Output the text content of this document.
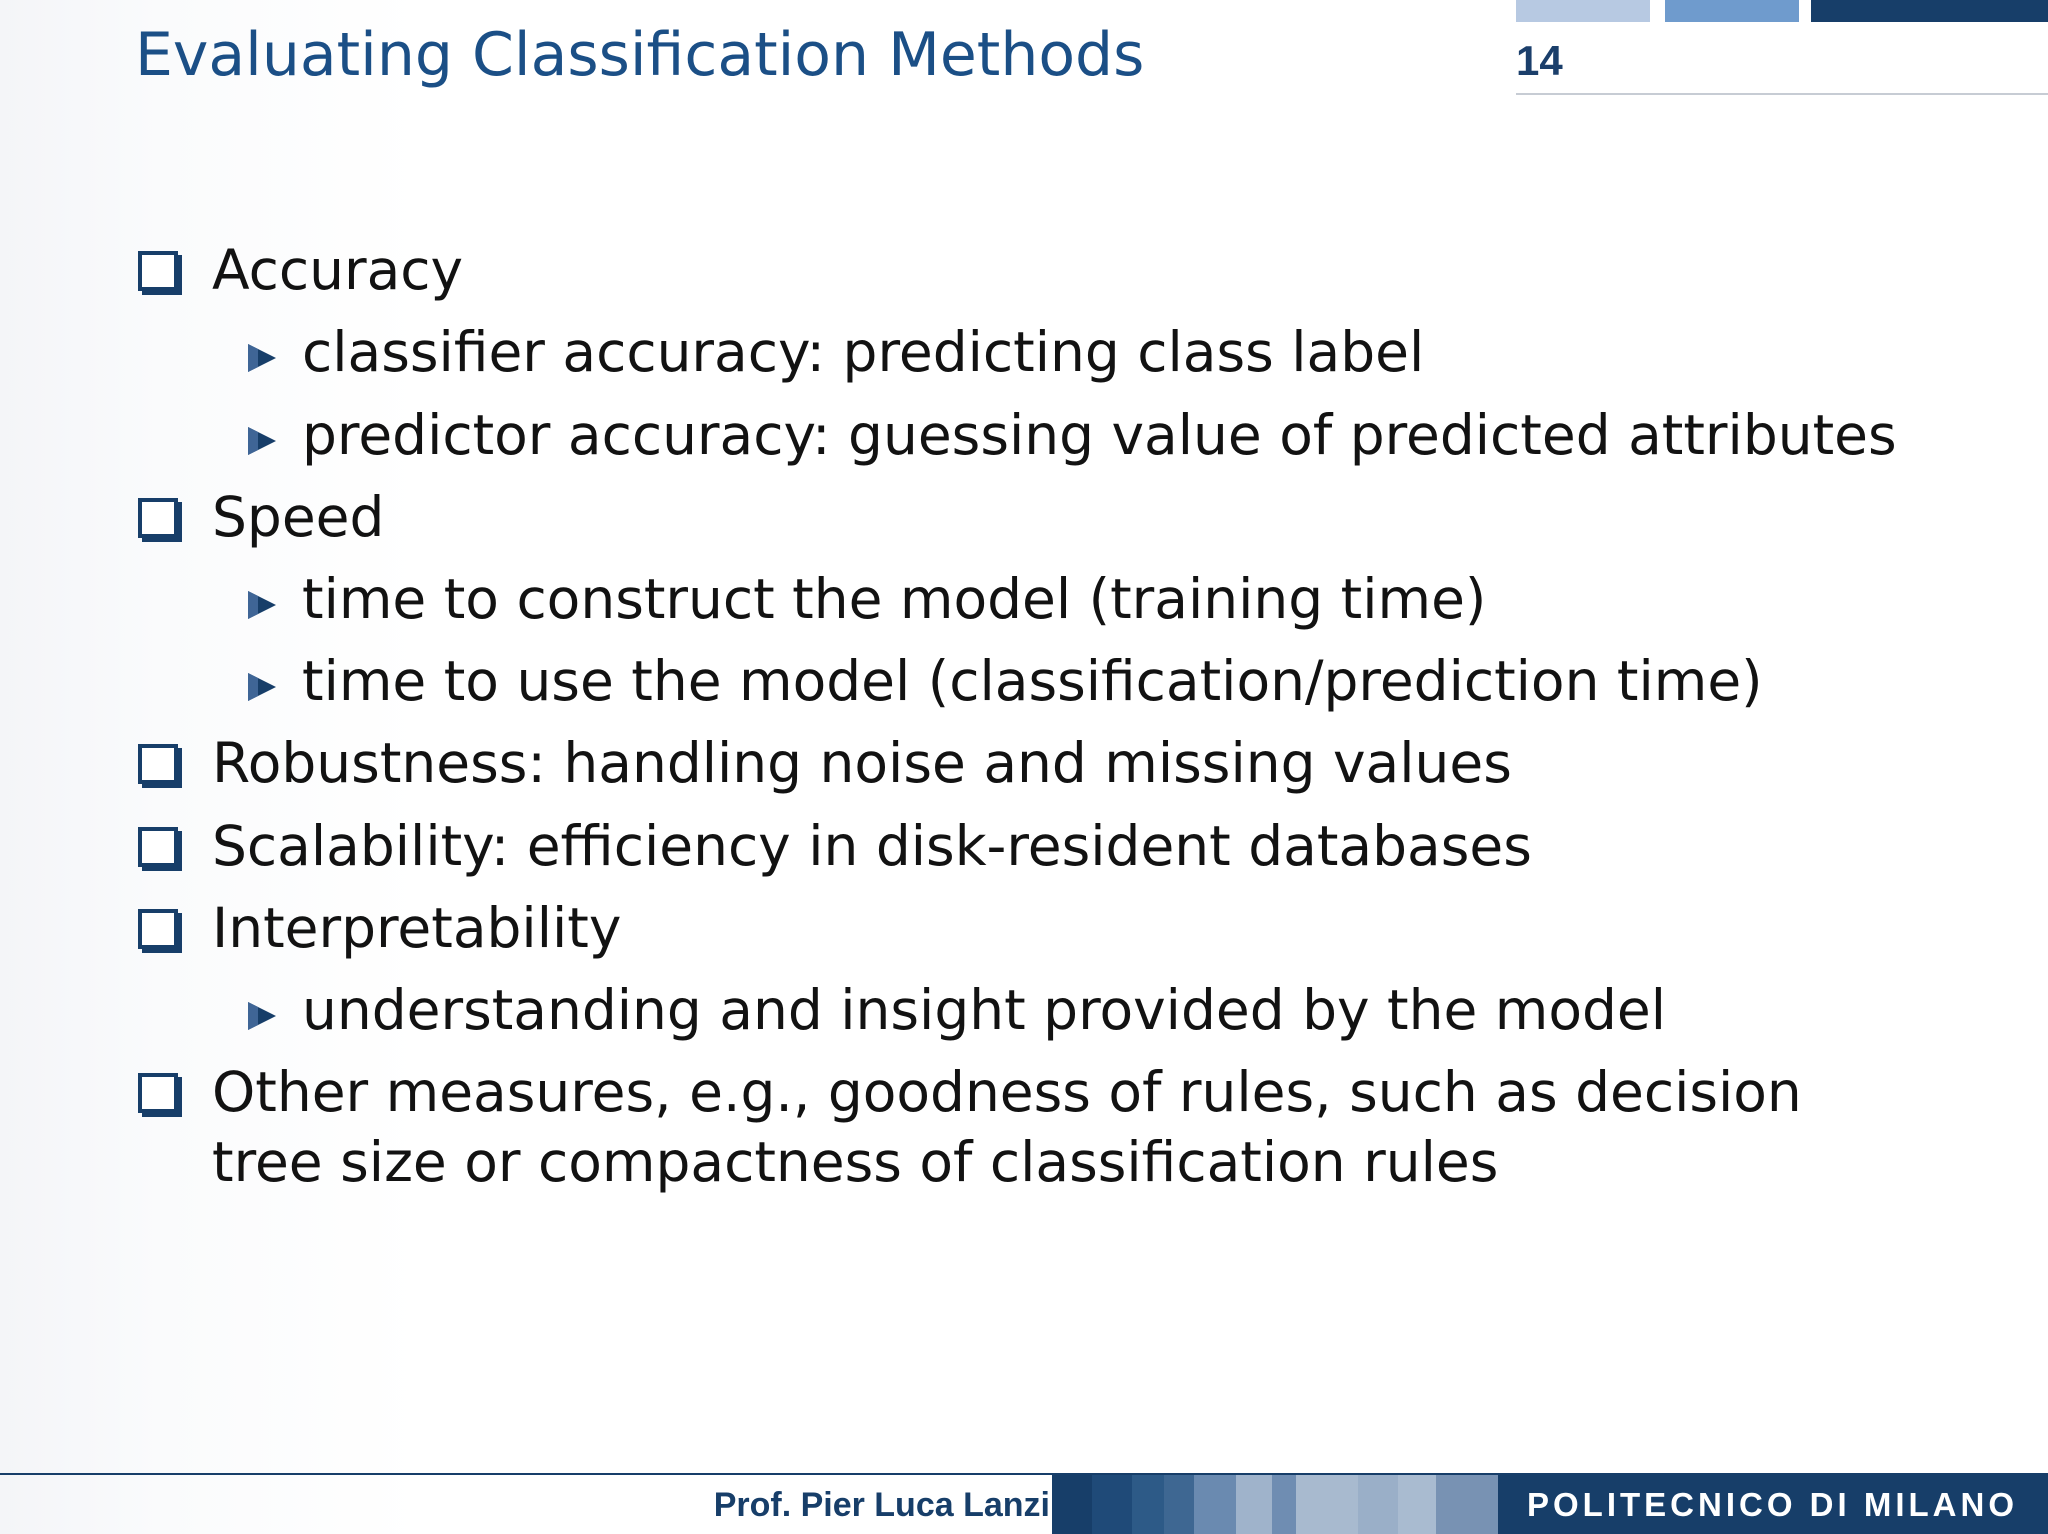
Evaluating Classification Methods	14
Accuracy
classifier accuracy: predicting class label
predictor accuracy: guessing value of predicted attributes
Speed
time to construct the model (training time)
time to use the model (classification/prediction time)
Robustness: handling noise and missing values
Scalability: efficiency in disk-resident databases
Interpretability
understanding and insight provided by the model
Other measures, e.g., goodness of rules, such as decision
tree size or compactness of classification rules
Prof. Pier Luca Lanzi	POLITECNICO DI MILANO
